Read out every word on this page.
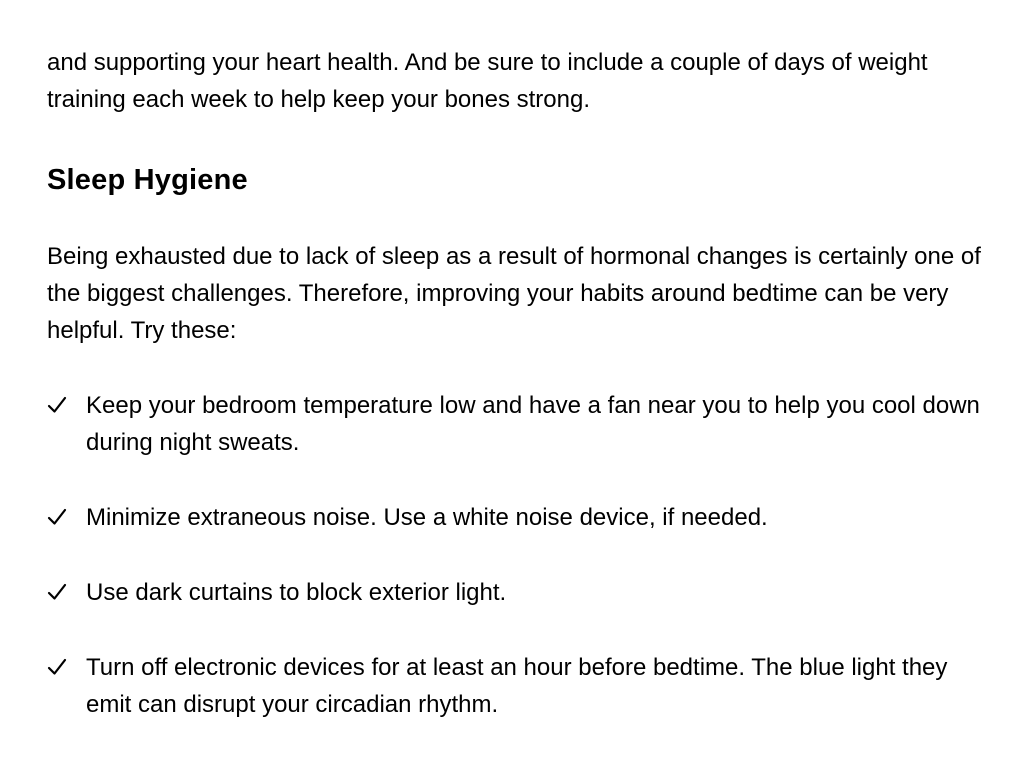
and supporting your heart health. And be sure to include a couple of days of weight training each week to help keep your bones strong.

Sleep Hygiene

Being exhausted due to lack of sleep as a result of hormonal changes is certainly one of the biggest challenges. Therefore, improving your habits around bedtime can be very helpful. Try these:

Keep your bedroom temperature low and have a fan near you to help you cool down during night sweats.
Minimize extraneous noise. Use a white noise device, if needed.
Use dark curtains to block exterior light.
Turn off electronic devices for at least an hour before bedtime. The blue light they emit can disrupt your circadian rhythm.
